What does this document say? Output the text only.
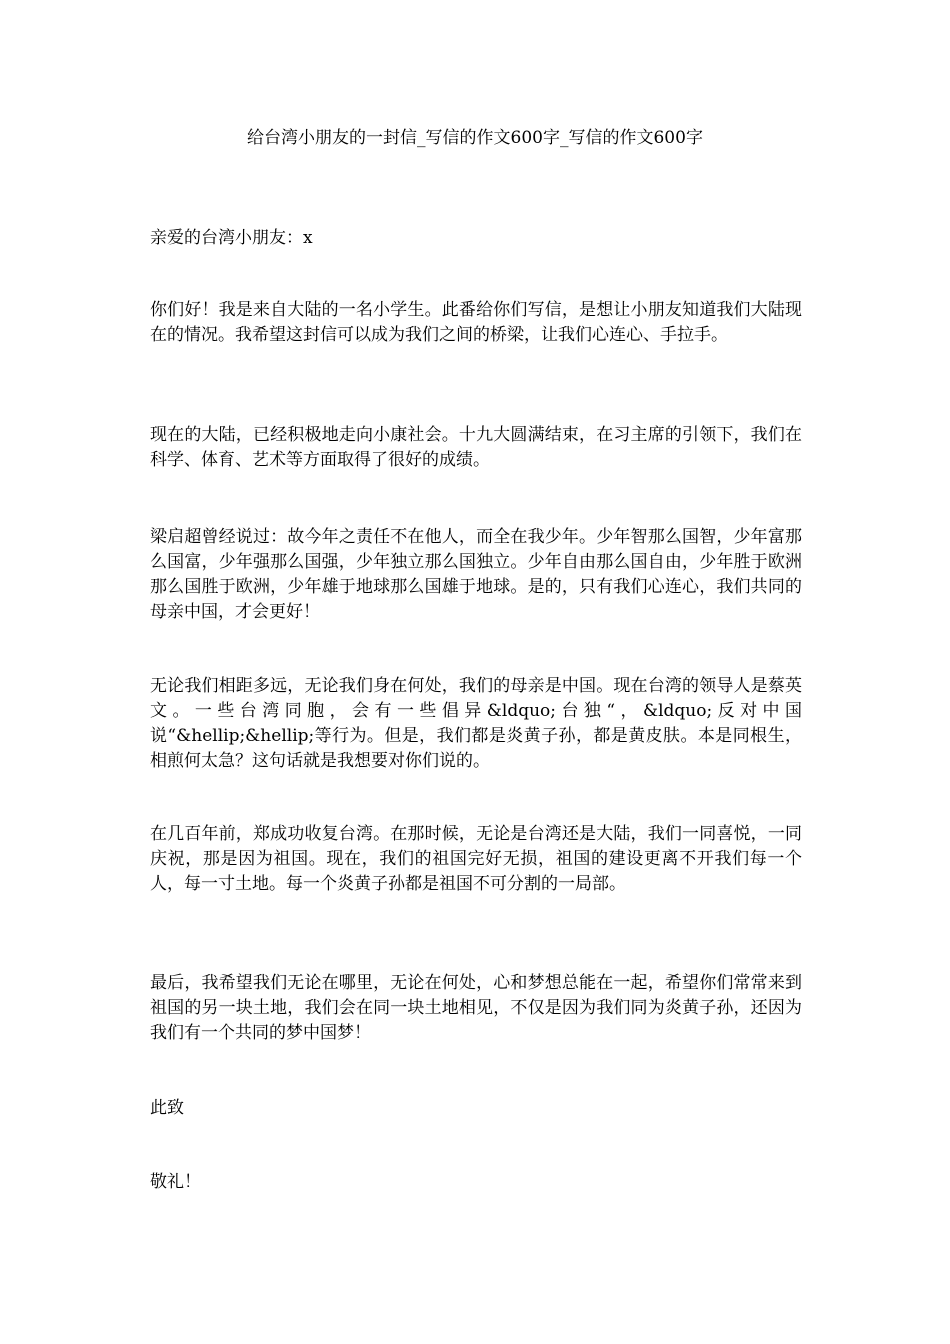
给台湾小朋友的一封信_写信的作文600字_写信的作文600字

亲爱的台湾小朋友：x

你们好！我是来自大陆的一名小学生。此番给你们写信，是想让小朋友知道我们大陆现在的情况。我希望这封信可以成为我们之间的桥梁，让我们心连心、手拉手。

现在的大陆，已经积极地走向小康社会。十九大圆满结束，在习主席的引领下，我们在科学、体育、艺术等方面取得了很好的成绩。

梁启超曾经说过：故今年之责任不在他人，而全在我少年。少年智那么国智，少年富那么国富，少年强那么国强，少年独立那么国独立。少年自由那么国自由，少年胜于欧洲那么国胜于欧洲，少年雄于地球那么国雄于地球。是的，只有我们心连心，我们共同的母亲中国，才会更好！

无论我们相距多远，无论我们身在何处，我们的母亲是中国。现在台湾的领导人是蔡英文。一些台湾同胞，会有一些倡异&ldquo;台独“，&ldquo;反对中国说“&hellip;&hellip;等行为。但是，我们都是炎黄子孙，都是黄皮肤。本是同根生，相煎何太急？这句话就是我想要对你们说的。

在几百年前，郑成功收复台湾。在那时候，无论是台湾还是大陆，我们一同喜悦，一同庆祝，那是因为祖国。现在，我们的祖国完好无损，祖国的建设更离不开我们每一个人，每一寸土地。每一个炎黄子孙都是祖国不可分割的一局部。

最后，我希望我们无论在哪里，无论在何处，心和梦想总能在一起，希望你们常常来到祖国的另一块土地，我们会在同一块土地相见，不仅是因为我们同为炎黄子孙，还因为我们有一个共同的梦中国梦！

此致

敬礼！
